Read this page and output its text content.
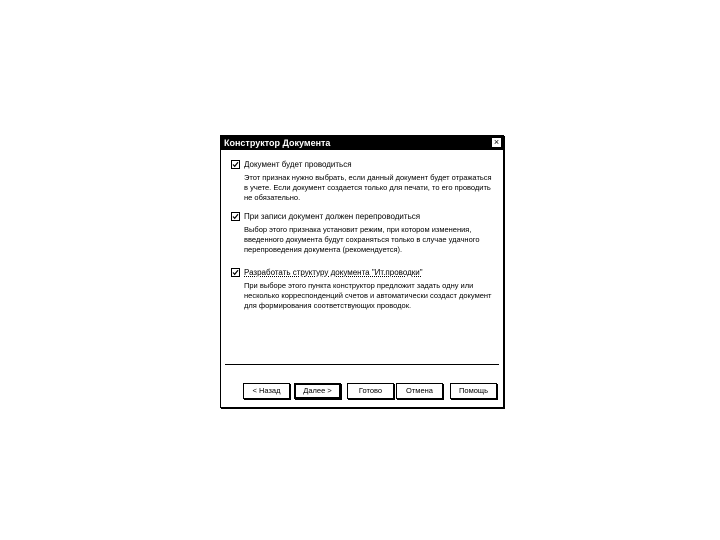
Конструктор Документа	×
Документ будет проводиться
Этот признак нужно выбрать, если данный документ будет отражаться в учете. Если документ создается только для печати, то его проводить не обязательно.
При записи документ должен перепроводиться
Выбор этого признака установит режим, при котором изменения, введенного документа будут сохраняться только в случае удачного перепроведения документа (рекомендуется).
Разработать структуру документа "Ит.проводки"
При выборе этого пункта конструктор предложит задать одну или несколько корреспонденций счетов и автоматически создаст документ для формирования соответствующих проводок.
< Назад	Далее >	Готово	Отмена	Помощь
